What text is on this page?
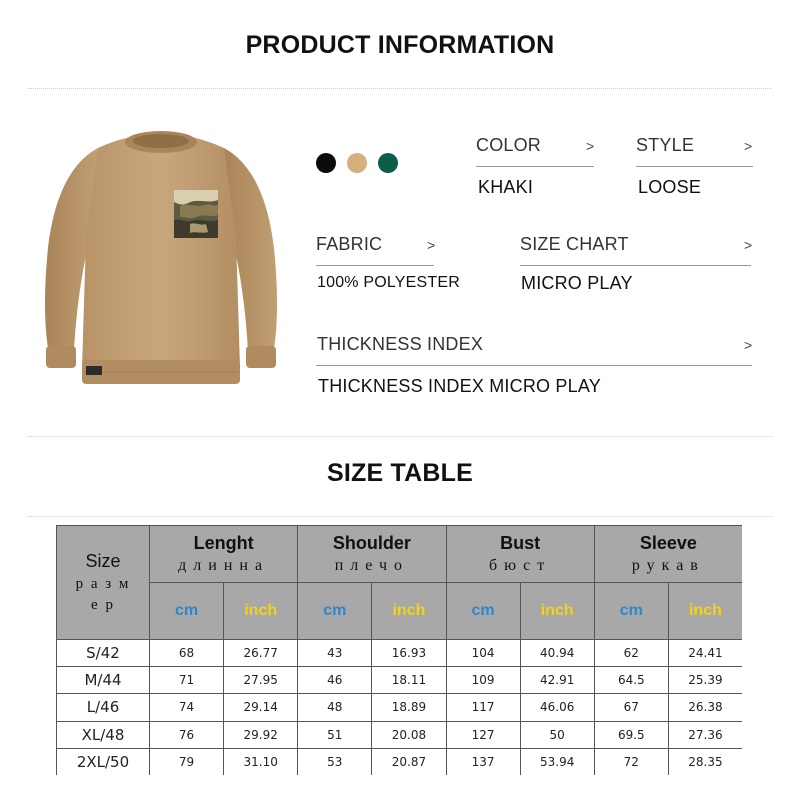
PRODUCT INFORMATION
COLOR	>
KHAKI
STYLE	>
LOOSE
FABRIC	>
100% POLYESTER
SIZE CHART	>
MICRO PLAY
THICKNESS INDEX	>
THICKNESS INDEX MICRO PLAY
SIZE TABLE
Size
р а з м
е р
Lenght
длинна
cm	inch
Shoulder
плечо
cm	inch
Bust
бюст
cm	inch
Sleeve
рукав
cm	inch
S/42	68	26.77	43	16.93	104	40.94	62	24.41
M/44	71	27.95	46	18.11	109	42.91	64.5	25.39
L/46	74	29.14	48	18.89	117	46.06	67	26.38
XL/48	76	29.92	51	20.08	127	50	69.5	27.36
2XL/50	79	31.10	53	20.87	137	53.94	72	28.35
